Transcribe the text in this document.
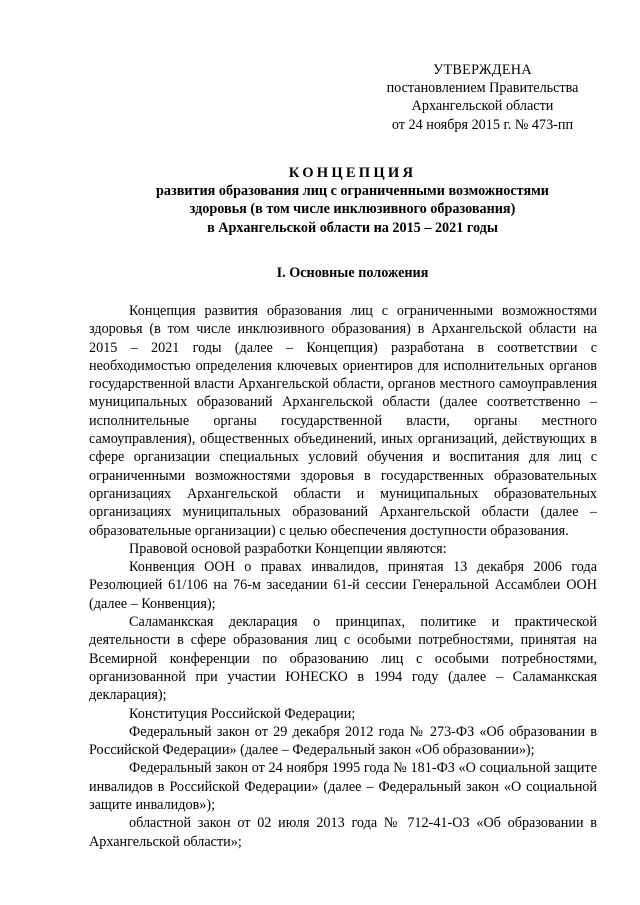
УТВЕРЖДЕНА
постановлением Правительства
Архангельской области
от 24 ноября 2015 г. № 473-пп
КОНЦЕПЦИЯ
развития образования лиц с ограниченными возможностями
здоровья (в том числе инклюзивного образования)
в Архангельской области на 2015 – 2021 годы
I. Основные положения

Концепция развития образования лиц с ограниченными возможностями здоровья (в том числе инклюзивного образования) в Архангельской области на 2015 – 2021 годы (далее – Концепция) разработана в соответствии с необходимостью определения ключевых ориентиров для исполнительных органов государственной власти Архангельской области, органов местного самоуправления муниципальных образований Архангельской области (далее соответственно – исполнительные органы государственной власти, органы местного самоуправления), общественных объединений, иных организаций, действующих в сфере организации специальных условий обучения и воспитания для лиц с ограниченными возможностями здоровья в государственных образовательных организациях Архангельской области и муниципальных образовательных организациях муниципальных образований Архангельской области (далее – образовательные организации) с целью обеспечения доступности образования.

Правовой основой разработки Концепции являются:

Конвенция ООН о правах инвалидов, принятая 13 декабря 2006 года Резолюцией 61/106 на 76-м заседании 61-й сессии Генеральной Ассамблеи ООН (далее – Конвенция);

Саламанкская декларация о принципах, политике и практической деятельности в сфере образования лиц с особыми потребностями, принятая на Всемирной конференции по образованию лиц с особыми потребностями, организованной при участии ЮНЕСКО в 1994 году (далее – Саламанкская декларация);

Конституция Российской Федерации;

Федеральный закон от 29 декабря 2012 года № 273-ФЗ «Об образовании в Российской Федерации» (далее – Федеральный закон «Об образовании»);

Федеральный закон от 24 ноября 1995 года № 181-ФЗ «О социальной защите инвалидов в Российской Федерации» (далее – Федеральный закон «О социальной защите инвалидов»);

областной закон от 02 июля 2013 года № 712-41-ОЗ «Об образовании в Архангельской области»;
